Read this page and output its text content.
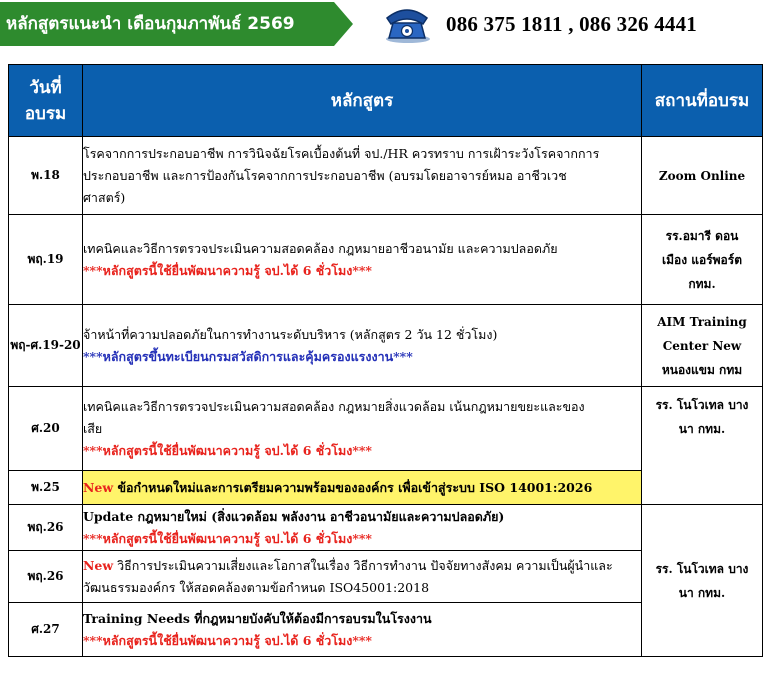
หลักสูตรแนะนำ เดือนกุมภาพันธ์ 2569	086 375 1811 , 086 326 4441
วันที่
อบรม	หลักสูตร	สถานที่อบรม
พ.18	โรคจากการประกอบอาชีพ การวินิจฉัยโรคเบื้องต้นที่ จป./HR ควรทราบ การเฝ้าระวังโรคจากการ
ประกอบอาชีพ และการป้องกันโรคจากการประกอบอาชีพ (อบรมโดยอาจารย์หมอ อาชีวเวช
ศาสตร์)	Zoom Online
พฤ.19	เทคนิคและวิธีการตรวจประเมินความสอดคล้อง กฎหมายอาชีวอนามัย และความปลอดภัย
***หลักสูตรนี้ใช้ยื่นพัฒนาความรู้ จป.ได้ 6 ชั่วโมง***	รร.อมารี ดอน
เมือง แอร์พอร์ต
กทม.

พฤ-ศ.19-20	จ้าหน้าที่ความปลอดภัยในการทำงานระดับบริหาร (หลักสูตร 2 วัน 12 ชั่วโมง)
***หลักสูตรขึ้นทะเบียนกรมสวัสดิการและคุ้มครองแรงงาน***	AIM Training
Center New
หนองแขม กทม

ศ.20	เทคนิคและวิธีการตรวจประเมินความสอดคล้อง กฎหมายสิ่งแวดล้อม เน้นกฎหมายขยะและของ
เสีย
***หลักสูตรนี้ใช้ยื่นพัฒนาความรู้ จป.ได้ 6 ชั่วโมง***	รร. โนโวเทล บาง
นา กทม.

พ.25	New ข้อกำหนดใหม่และการเตรียมความพร้อมขององค์กร เพื่อเข้าสู่ระบบ ISO 14001:2026	
พฤ.26	Update กฎหมายใหม่ (สิ่งแวดล้อม พลังงาน อาชีวอนามัยและความปลอดภัย)
***หลักสูตรนี้ใช้ยื่นพัฒนาความรู้ จป.ได้ 6 ชั่วโมง***	รร. โนโวเทล บาง
นา กทม.

พฤ.26	New วิธีการประเมินความเสี่ยงและโอกาสในเรื่อง วิธีการทำงาน ปัจจัยทางสังคม ความเป็นผู้นำและ
วัฒนธรรมองค์กร ให้สอดคล้องตามข้อกำหนด ISO45001:2018	

ศ.27	Training Needs ที่กฎหมายบังคับให้ต้องมีการอบรมในโรงงาน
***หลักสูตรนี้ใช้ยื่นพัฒนาความรู้ จป.ได้ 6 ชั่วโมง***	
